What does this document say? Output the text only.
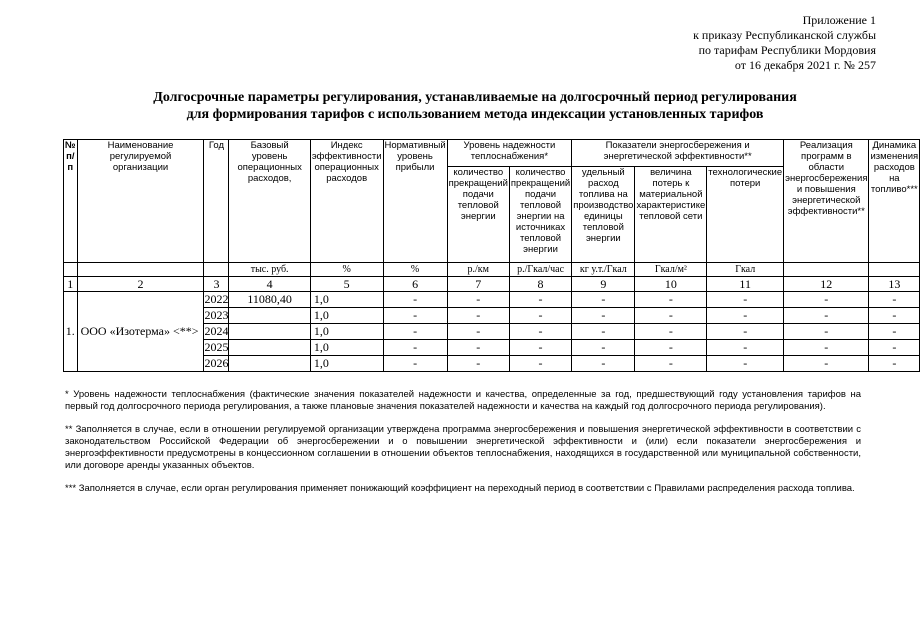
Приложение 1
к приказу Республиканской службы
по тарифам Республики Мордовия
от 16 декабря 2021 г. № 257
Долгосрочные параметры регулирования, устанавливаемые на долгосрочный период регулирования
для формирования тарифов с использованием метода индексации установленных тарифов
№ п/п	Наименование регулируемой организации	Год	Базовый уровень операционных расходов,	Индекс эффективности операционных расходов	Нормативный уровень прибыли	Уровень надежности теплоснабжения*		Показатели энергосбережения и энергетической эффективности**			Реализация программ в области энергосбережения и повышения энергетической эффективности**	Динамика изменения расходов на топливо***
						количество прекращений подачи тепловой энергии	количество прекращений подачи тепловой энергии на источниках тепловой энергии	удельный расход топлива на производство единицы тепловой энергии	величина потерь к материальной характеристике тепловой сети	технологические потери		
			тыс. руб.	%	%	р./км	р./Гкал/час	кг у.т./Гкал	Гкал/м²	Гкал		
1	2	3	4	5	6	7	8	9	10	11	12	13
1.	ООО «Изотерма» <**>	2022	11080,40	1,0	-	-	-	-	-	-	-	-
		2023		1,0	-	-	-	-	-	-	-	-
		2024		1,0	-	-	-	-	-	-	-	-
		2025		1,0	-	-	-	-	-	-	-	-
		2026		1,0	-	-	-	-	-	-	-	-

* Уровень надежности теплоснабжения (фактические значения показателей надежности и качества, определенные за год, предшествующий году установления тарифов на первый год долгосрочного периода регулирования, а также плановые значения показателей надежности и качества на каждый год долгосрочного периода регулирования).

** Заполняется в случае, если в отношении регулируемой организации утверждена программа энергосбережения и повышения энергетической эффективности в соответствии с законодательством Российской Федерации об энергосбережении и о повышении энергетической эффективности и (или) если показатели энергосбережения и энергоэффективности предусмотрены в концессионном соглашении в отношении объектов теплоснабжения, находящихся в государственной или муниципальной собственности, или договоре аренды указанных объектов.

*** Заполняется в случае, если орган регулирования применяет понижающий коэффициент на переходный период в соответствии с Правилами распределения расхода топлива.
